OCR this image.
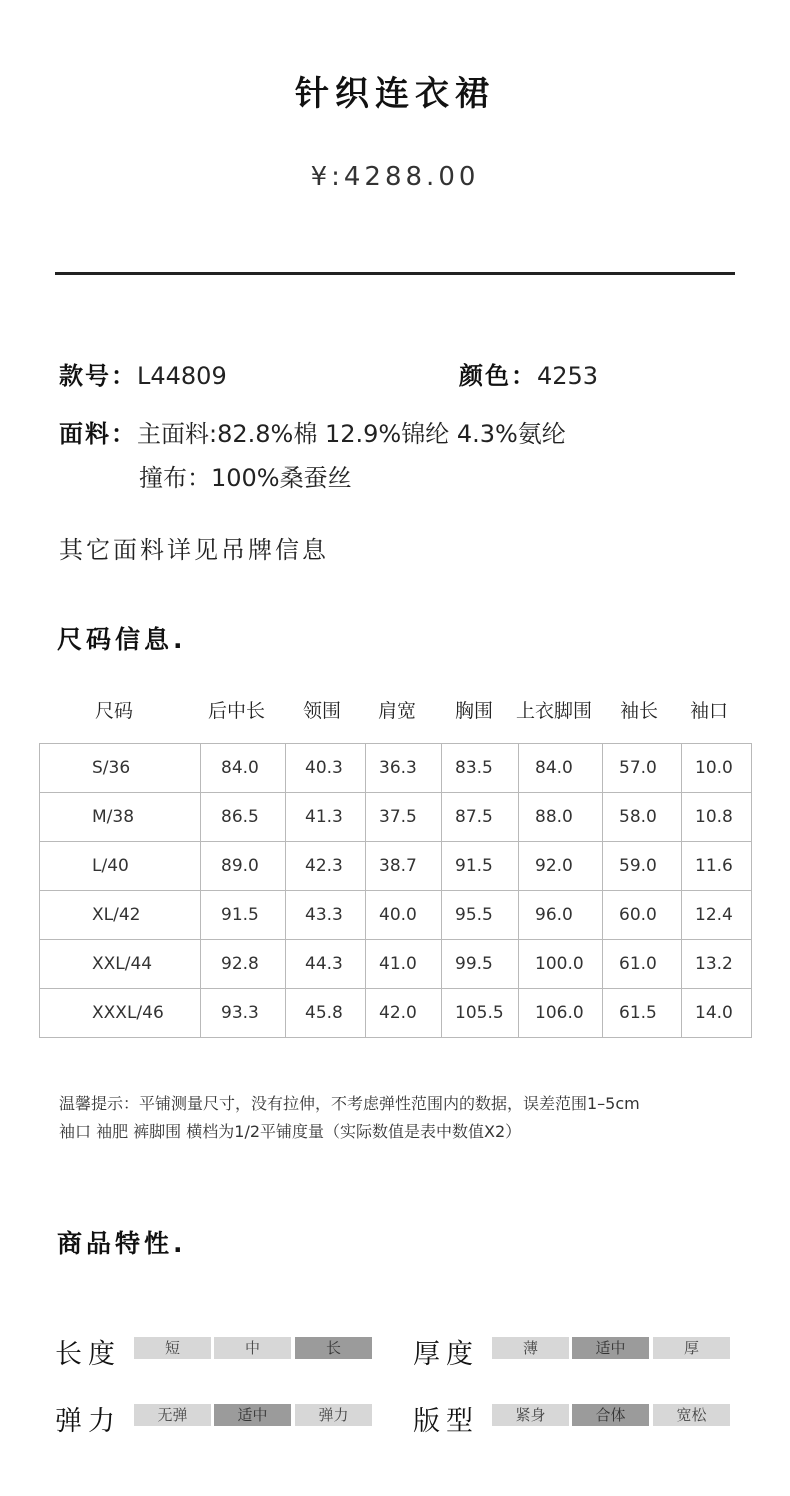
针织连衣裙
¥:4288.00
款号：L44809	颜色：4253
面料：主面料:82.8%棉 12.9%锦纶 4.3%氨纶
撞布：100%桑蚕丝
其它面料详见吊牌信息
尺码信息.
尺码	后中长 领围 肩宽 胸围 上衣脚围 袖长 袖口
S/36	84.0	40.3	36.3	83.5	84.0	57.0	10.0
M/38	86.5	41.3	37.5	87.5	88.0	58.0	10.8
L/40	89.0	42.3	38.7	91.5	92.0	59.0	11.6
XL/42	91.5	43.3	40.0	95.5	96.0	60.0	12.4
XXL/44	92.8	44.3	41.0	99.5	100.0	61.0	13.2
XXXL/46	93.3	45.8	42.0	105.5	106.0	61.5	14.0
温馨提示：平铺测量尺寸，没有拉伸，不考虑弹性范围内的数据，误差范围1–5cm
袖口 袖肥 裤脚围 横档为1/2平铺度量（实际数值是表中数值X2）
商品特性.
长度	短	中	长	厚度	薄	适中	厚
弹力	无弹	适中	弹力	版型	紧身	合体	宽松
